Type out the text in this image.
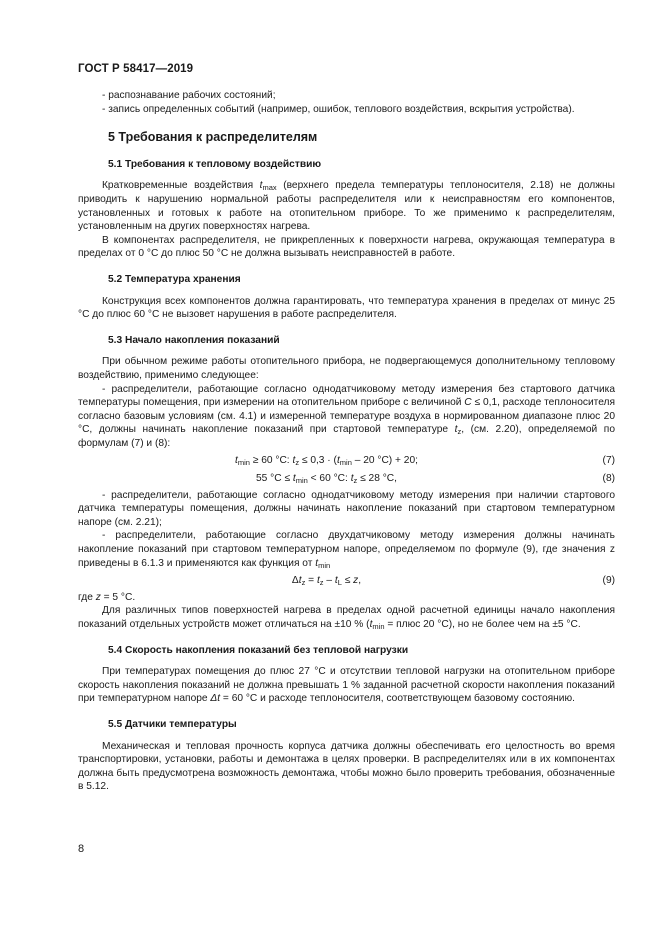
ГОСТ Р 58417—2019

- распознавание рабочих состояний;

- запись определенных событий (например, ошибок, теплового воздействия, вскрытия устройства).

5 Требования к распределителям
5.1 Требования к тепловому воздействию

Кратковременные воздействия $t_{max}$ (верхнего предела температуры теплоносителя, 2.18) не должны приводить к нарушению нормальной работы распределителя или к неисправностям его компонентов, установленных и готовых к работе на отопительном приборе. То же применимо к распределителям, установленным на других поверхностях нагрева.

В компонентах распределителя, не прикрепленных к поверхности нагрева, окружающая температура в пределах от 0 °С до плюс 50 °С не должна вызывать неисправностей в работе.

5.2 Температура хранения

Конструкция всех компонентов должна гарантировать, что температура хранения в пределах от минус 25 °С до плюс 60 °С не вызовет нарушения в работе распределителя.

5.3 Начало накопления показаний

При обычном режиме работы отопительного прибора, не подвергающемуся дополнительному тепловому воздействию, применимо следующее:

- распределители, работающие согласно однодатчиковому методу измерения без стартового датчика температуры помещения, при измерении на отопительном приборе с величиной C ≤ 0,1, расходе теплоносителя согласно базовым условиям (см. 4.1) и измеренной температуре воздуха в нормированном диапазоне плюс 20 °С, должны начинать накопление показаний при стартовой температуре $t_z$, (см. 2.20), определяемой по формулам (7) и (8):

$t_{min} \ge 60$ °С: $t_z \le 0,3 \cdot (t_{min} - 20$ °С) + 20;	(7)
55 $^\circ С \le t_{min} < 60$ °С: $t_z \le 28$ °С,	(8)

- распределители, работающие согласно однодатчиковому методу измерения при наличии стартового датчика температуры помещения, должны начинать накопление показаний при стартовом температурном напоре (см. 2.21);

- распределители, работающие согласно двухдатчиковому методу измерения должны начинать накопление показаний при стартовом температурном напоре, определяемом по формуле (9), где значения z приведены в 6.1.3 и применяются как функция от $t_{min}$

$\Delta t_z = t_z - t_L \le z$,	(9)

где z = 5 °С.

Для различных типов поверхностей нагрева в пределах одной расчетной единицы начало накопления показаний отдельных устройств может отличаться на ±10 % ($t_{min}$ = плюс 20 °С), но не более чем на ±5 °С.

5.4 Скорость накопления показаний без тепловой нагрузки

При температурах помещения до плюс 27 °С и отсутствии тепловой нагрузки на отопительном приборе скорость накопления показаний не должна превышать 1 % заданной расчетной скорости накопления показаний при температурном напоре Δt = 60 °С и расходе теплоносителя, соответствующем базовому состоянию.

5.5 Датчики температуры

Механическая и тепловая прочность корпуса датчика должны обеспечивать его целостность во время транспортировки, установки, работы и демонтажа в целях проверки. В распределителях или в их компонентах должна быть предусмотрена возможность демонтажа, чтобы можно было проверить требования, обозначенные в 5.12.

8
